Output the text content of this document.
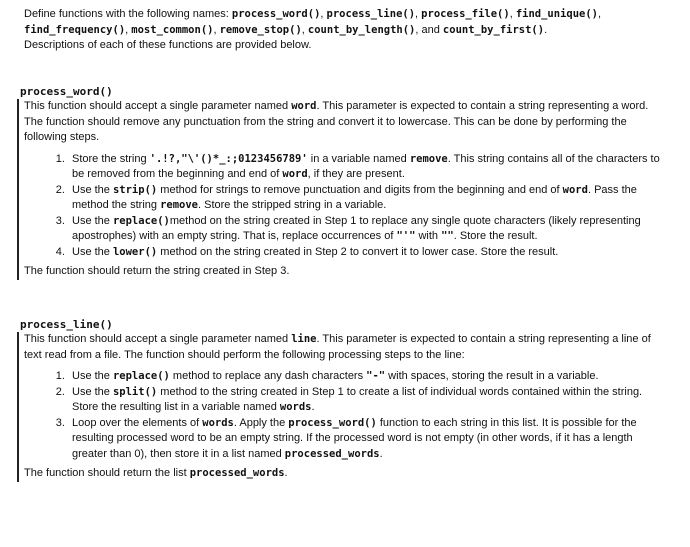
Define functions with the following names: process_word(), process_line(), process_file(), find_unique(), find_frequency(), most_common(), remove_stop(), count_by_length(), and count_by_first().

Descriptions of each of these functions are provided below.

process_word()

This function should accept a single parameter named word. This parameter is expected to contain a string representing a word. The function should remove any punctuation from the string and convert it to lowercase. This can be done by performing the following steps.

1. Store the string '.!?,"\'()*_:;0123456789' in a variable named remove. This string contains all of the characters to be removed from the beginning and end of word, if they are present.
2. Use the strip() method for strings to remove punctuation and digits from the beginning and end of word. Pass the method the string remove. Store the stripped string in a variable.
3. Use the replace()method on the string created in Step 1 to replace any single quote characters (likely representing apostrophes) with an empty string. That is, replace occurrences of "'" with "". Store the result.
4. Use the lower() method on the string created in Step 2 to convert it to lower case. Store the result.

The function should return the string created in Step 3.

process_line()

This function should accept a single parameter named line. This parameter is expected to contain a string representing a line of text read from a file. The function should perform the following processing steps to the line:

1. Use the replace() method to replace any dash characters "-" with spaces, storing the result in a variable.
2. Use the split() method to the string created in Step 1 to create a list of individual words contained within the string. Store the resulting list in a variable named words.
3. Loop over the elements of words. Apply the process_word() function to each string in this list. It is possible for the resulting processed word to be an empty string. If the processed word is not empty (in other words, if it has a length greater than 0), then store it in a list named processed_words.

The function should return the list processed_words.
